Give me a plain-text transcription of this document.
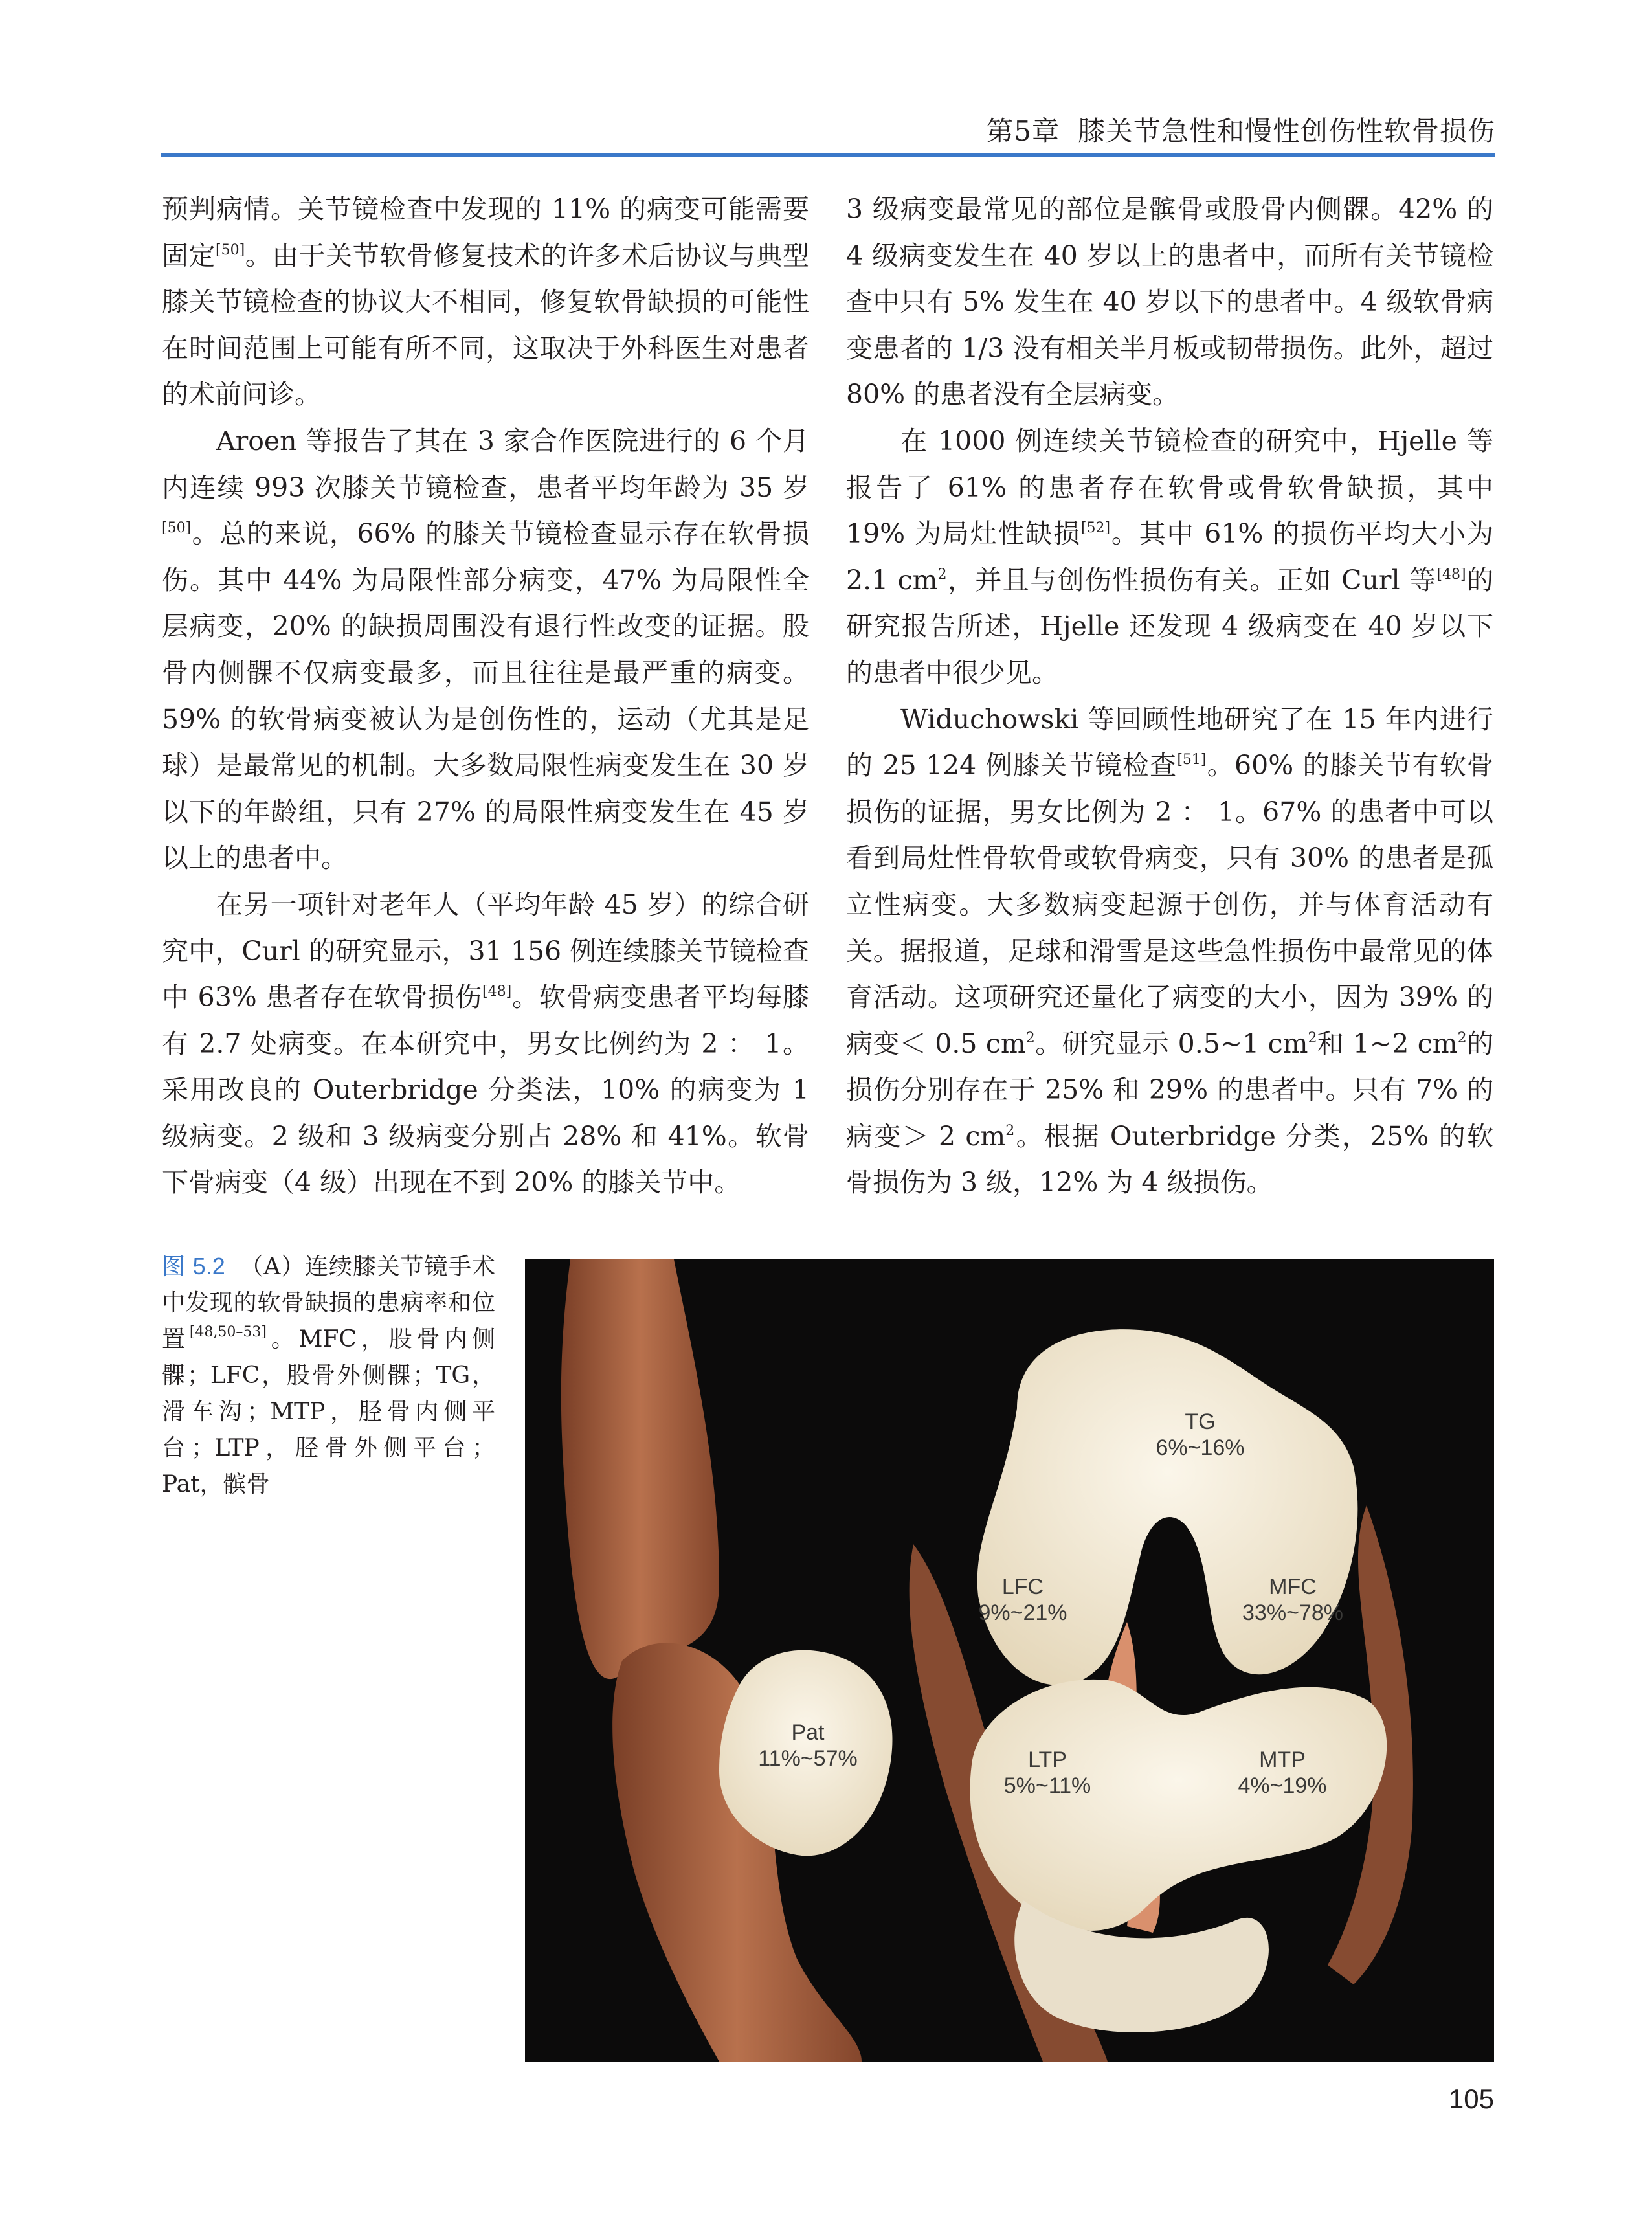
第5章 膝关节急性和慢性创伤性软骨损伤

预判病情。关节镜检查中发现的 11% 的病变可能需要固定[50]。由于关节软骨修复技术的许多术后协议与典型膝关节镜检查的协议大不相同，修复软骨缺损的可能性在时间范围上可能有所不同，这取决于外科医生对患者的术前问诊。

Aroen 等报告了其在 3 家合作医院进行的 6 个月内连续 993 次膝关节镜检查，患者平均年龄为 35 岁[50]。总的来说，66% 的膝关节镜检查显示存在软骨损伤。其中 44% 为局限性部分病变，47% 为局限性全层病变，20% 的缺损周围没有退行性改变的证据。股骨内侧髁不仅病变最多，而且往往是最严重的病变。59% 的软骨病变被认为是创伤性的，运动（尤其是足球）是最常见的机制。大多数局限性病变发生在 30 岁以下的年龄组，只有 27% 的局限性病变发生在 45 岁以上的患者中。

在另一项针对老年人（平均年龄 45 岁）的综合研究中，Curl 的研究显示，31 156 例连续膝关节镜检查中 63% 患者存在软骨损伤[48]。软骨病变患者平均每膝有 2.7 处病变。在本研究中，男女比例约为 2 ： 1。采用改良的 Outerbridge 分类法，10% 的病变为 1 级病变。2 级和 3 级病变分别占 28% 和 41%。软骨下骨病变（4 级）出现在不到 20% 的膝关节中。

3 级病变最常见的部位是髌骨或股骨内侧髁。42% 的 4 级病变发生在 40 岁以上的患者中，而所有关节镜检查中只有 5% 发生在 40 岁以下的患者中。4 级软骨病变患者的 1/3 没有相关半月板或韧带损伤。此外，超过 80% 的患者没有全层病变。

在 1000 例连续关节镜检查的研究中，Hjelle 等报告了 61% 的患者存在软骨或骨软骨缺损，其中 19% 为局灶性缺损[52]。其中 61% 的损伤平均大小为 2.1 $cm^2$，并且与创伤性损伤有关。正如 Curl 等[48]的研究报告所述，Hjelle 还发现 4 级病变在 40 岁以下的患者中很少见。

Widuchowski 等回顾性地研究了在 15 年内进行的 25 124 例膝关节镜检查[51]。60% 的膝关节有软骨损伤的证据，男女比例为 2 ： 1。67% 的患者中可以看到局灶性骨软骨或软骨病变，只有 30% 的患者是孤立性病变。大多数病变起源于创伤，并与体育活动有关。据报道，足球和滑雪是这些急性损伤中最常见的体育活动。这项研究还量化了病变的大小，因为 39% 的病变＜ 0.5 $cm^2$。研究显示 0.5~1 $cm^2$和 1~2 $cm^2$的损伤分别存在于 25% 和 29% 的患者中。只有 7% 的病变＞ 2 $cm^2$。根据 Outerbridge 分类，25% 的软骨损伤为 3 级，12% 为 4 级损伤。

图 5.2 （A）连续膝关节镜手术中发现的软骨缺损的患病率和位置[48,50–53]。MFC，股骨内侧髁；LFC，股骨外侧髁；TG，滑车沟；MTP，胫骨内侧平台；LTP，胫骨外侧平台；Pat，髌骨
TG
6%~16%
LFC
9%~21%
MFC
33%~78%
Pat
11%~57%	LTP
5%~11%
MTP
4%~19%
105
